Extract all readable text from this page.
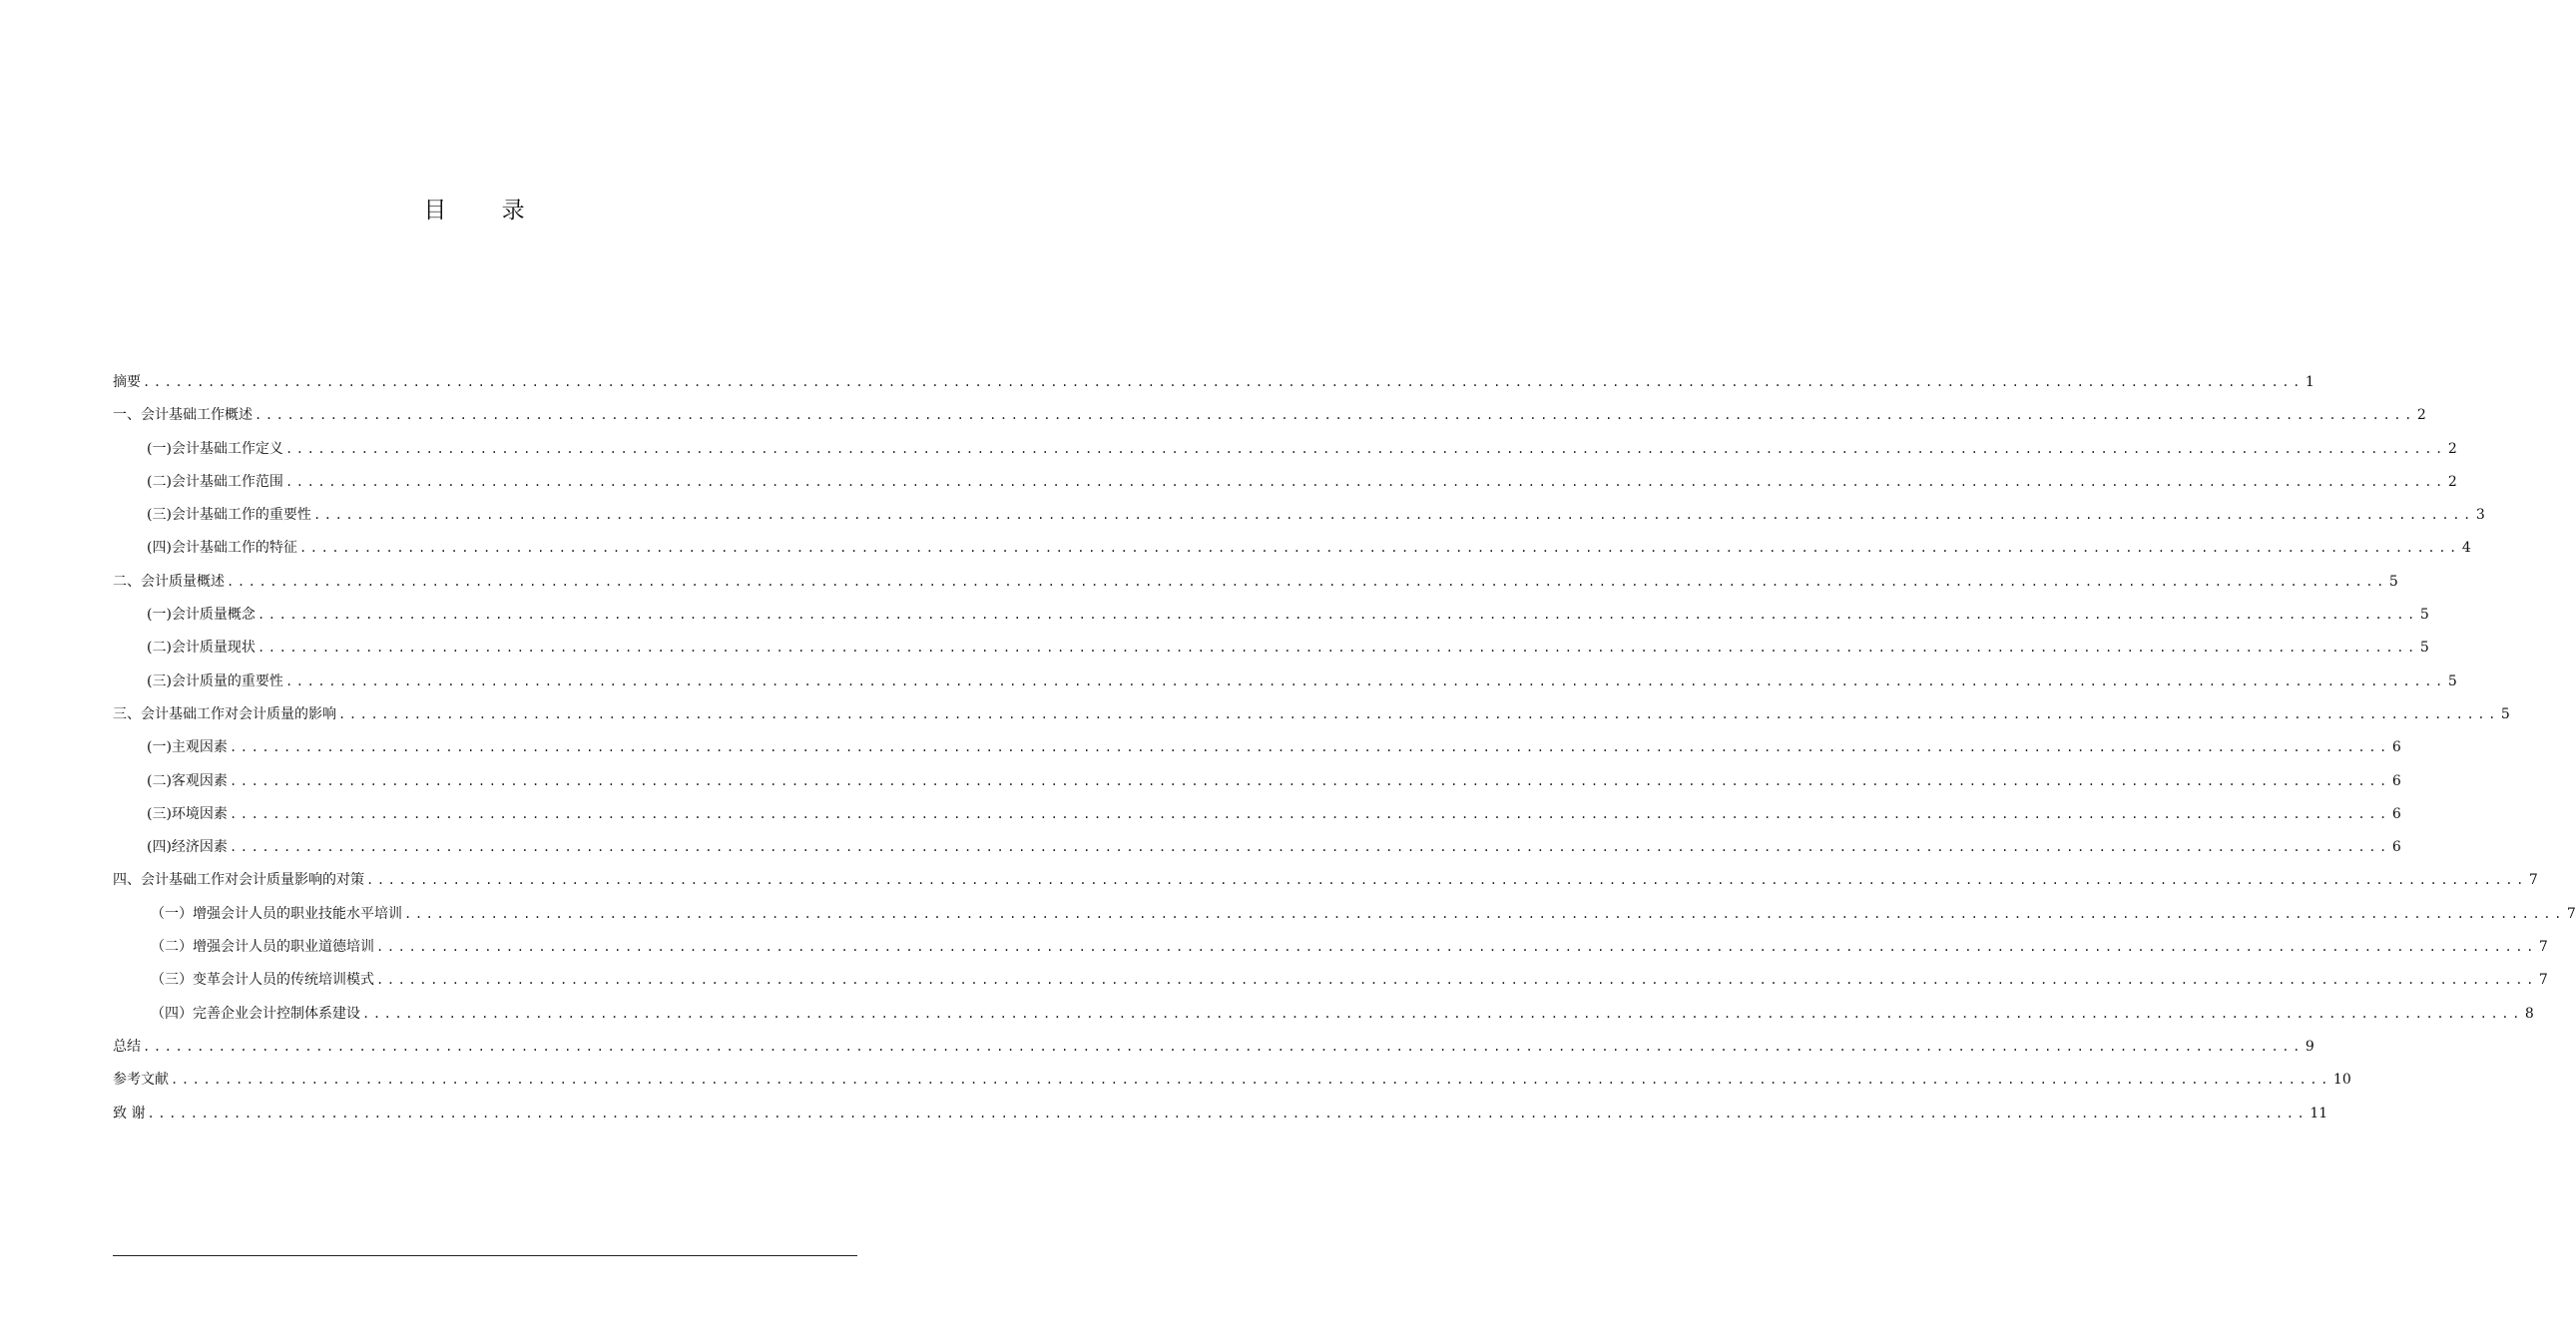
目 录
摘要 ........................................................................................................................................................................................................ 1
一、会计基础工作概述 ........................................................................................................................................................................................................ 2
(一)会计基础工作定义 ........................................................................................................................................................................................................ 2
(二)会计基础工作范围 ........................................................................................................................................................................................................ 2
(三)会计基础工作的重要性 ........................................................................................................................................................................................................ 3
(四)会计基础工作的特征 ........................................................................................................................................................................................................ 4
二、会计质量概述 ........................................................................................................................................................................................................ 5
(一)会计质量概念 ........................................................................................................................................................................................................ 5
(二)会计质量现状 ........................................................................................................................................................................................................ 5
(三)会计质量的重要性 ........................................................................................................................................................................................................ 5
三、会计基础工作对会计质量的影响 ........................................................................................................................................................................................................ 5
(一)主观因素 ........................................................................................................................................................................................................ 6
(二)客观因素 ........................................................................................................................................................................................................ 6
(三)环境因素 ........................................................................................................................................................................................................ 6
(四)经济因素 ........................................................................................................................................................................................................ 6
四、会计基础工作对会计质量影响的对策 ........................................................................................................................................................................................................ 7
（一）增强会计人员的职业技能水平培训 ........................................................................................................................................................................................................ 7
（二）增强会计人员的职业道德培训 ........................................................................................................................................................................................................ 7
（三）变革会计人员的传统培训模式 ........................................................................................................................................................................................................ 7
（四）完善企业会计控制体系建设 ........................................................................................................................................................................................................ 8
总结 ........................................................................................................................................................................................................ 9
参考文献 ........................................................................................................................................................................................................ 10
致 谢 ........................................................................................................................................................................................................ 11
